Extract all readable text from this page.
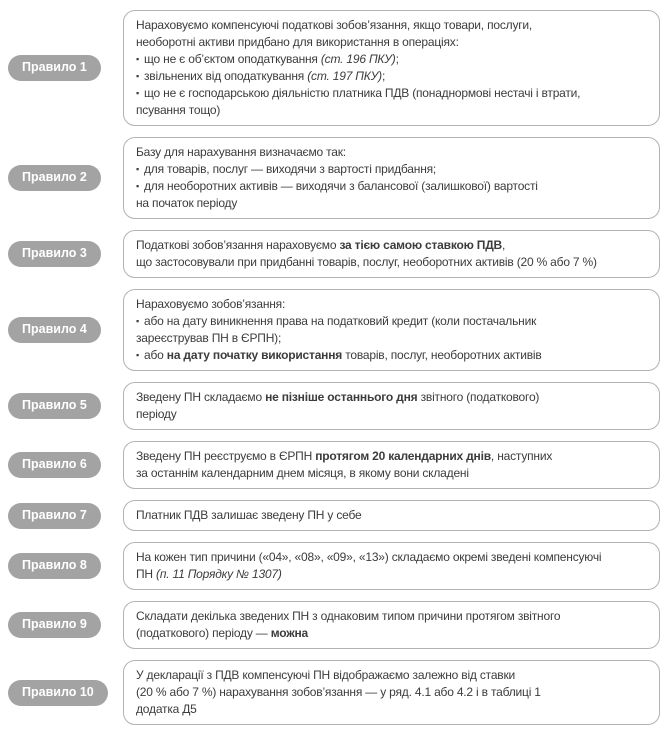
Правило 1
Нараховуємо компенсуючі податкові зобов’язання, якщо товари, послуги,
необоротні активи придбано для використання в операціях:
▪ що не є об’єктом оподаткування (ст. 196 ПКУ);
▪ звільнених від оподаткування (ст. 197 ПКУ);
▪ що не є господарською діяльністю платника ПДВ (понаднормові нестачі і втрати,
псування тощо)
Правило 2
Базу для нарахування визначаємо так:
▪ для товарів, послуг — виходячи з вартості придбання;
▪ для необоротних активів — виходячи з балансової (залишкової) вартості
на початок періоду
Правило 3
Податкові зобов’язання нараховуємо за тією самою ставкою ПДВ,
що застосовували при придбанні товарів, послуг, необоротних активів (20 % або 7 %)
Правило 4
Нараховуємо зобов’язання:
▪ або на дату виникнення права на податковий кредит (коли постачальник
зареєстрував ПН в ЄРПН);
▪ або на дату початку використання товарів, послуг, необоротних активів
Правило 5
Зведену ПН складаємо не пізніше останнього дня звітного (податкового)
періоду
Правило 6
Зведену ПН реєструємо в ЄРПН протягом 20 календарних днів, наступних
за останнім календарним днем місяця, в якому вони складені
Правило 7	Платник ПДВ залишає зведену ПН у себе
Правило 8
На кожен тип причини («04», «08», «09», «13») складаємо окремі зведені компенсуючі
ПН (п. 11 Порядку № 1307)
Правило 9
Складати декілька зведених ПН з однаковим типом причини протягом звітного
(податкового) періоду — можна
Правило 10
У декларації з ПДВ компенсуючі ПН відображаємо залежно від ставки
(20 % або 7 %) нарахування зобов’язання — у ряд. 4.1 або 4.2 і в таблиці 1
додатка Д5
